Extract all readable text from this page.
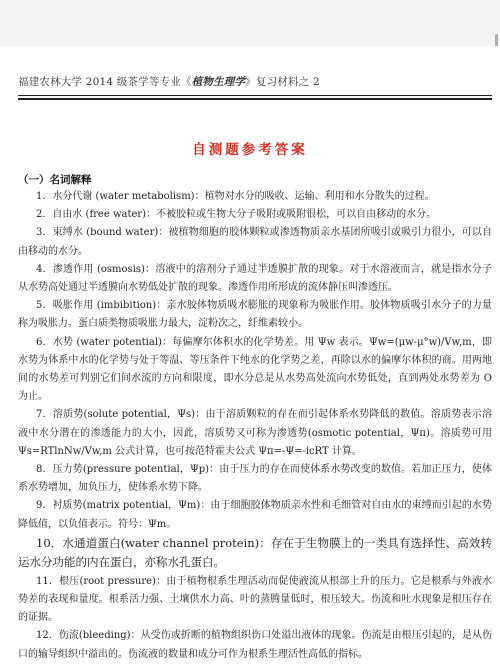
福建农林大学 2014 级茶学等专业《植物生理学》复习材料之 2
自测题参考答案
（一）名词解释

1．水分代谢 (water metabolism)：植物对水分的吸收、运输、利用和水分散失的过程。

2．自由水 (free water)：不被胶粒或生物大分子吸附或吸附很松，可以自由移动的水分。

3．束缚水 (bound water)：被植物细胞的胶体颗粒或渗透物质亲水基团所吸引或吸引力很小，可以自由移动的水分。

4．渗透作用 (osmosis)：溶液中的溶剂分子通过半透膜扩散的现象。对于水溶液而言，就是指水分子从水势高处通过半透膜向水势低处扩散的现象。渗透作用所形成的流体静压叫渗透压。

5．吸胀作用 (imbibition)：亲水胶体物质吸水膨胀的现象称为吸胀作用。胶体物质吸引水分子的力量称为吸胀力。蛋白质类物质吸胀力最大，淀粉次之，纤维素较小。

6．水势 (water potential)：每偏摩尔体积水的化学势差。用 Ψw 表示。Ψw=(μw-μ°w)/Vw,m，即水势为体系中水的化学势与处于等温、等压条件下纯水的化学势之差，再除以水的偏摩尔体积的商。用两地间的水势差可判别它们间水流的方向和限度，即水分总是从水势高处流向水势低处，直到两处水势差为 O 为止。

7．溶质势(solute potential，Ψs)：由于溶质颗粒的存在而引起体系水势降低的数值。溶质势表示溶液中水分潜在的渗透能力的大小，因此，溶质势又可称为渗透势(osmotic potential，Ψπ)。溶质势可用 Ψs=RTlnNw/Vw,m 公式计算，也可按范特霍夫公式 Ψπ=-Ψ=-icRT 计算。

8．压力势(pressure potential，Ψp)：由于压力的存在而使体系水势改变的数值。若加正压力，使体系水势增加，加负压力，使体系水势下降。

9．衬质势(matrix potential，Ψm)：由于细胞胶体物质亲水性和毛细管对自由水的束缚而引起的水势降低值，以负值表示。符号：Ψm。

10．水通道蛋白(water channel protein)：存在于生物膜上的一类具有选择性、高效转运水分功能的内在蛋白，亦称水孔蛋白。

11．根压(root pressure)：由于植物根系生理活动而促使液流从根部上升的压力。它是根系与外液水势差的表现和量度。根系活力强、土壤供水力高、叶的蒸腾量低时，根压较大。伤流和吐水现象是根压存在的证据。

12．伤流(bleeding)：从受伤或折断的植物组织伤口处溢出液体的现象。伤流是由根压引起的，是从伤口的输导组织中溢出的。伤流液的数量和成分可作为根系生理活性高低的指标。
